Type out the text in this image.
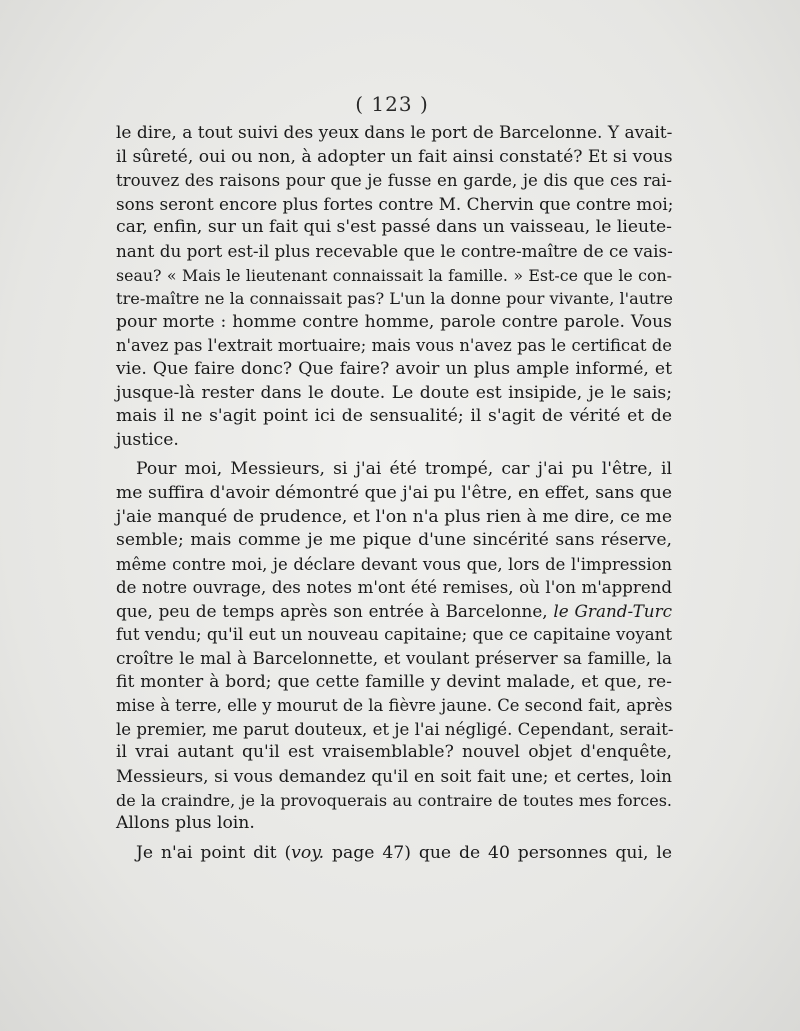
( 123 )
le dire, a tout suivi des yeux dans le port de Barcelonne. Y avait-
il sûreté, oui ou non, à adopter un fait ainsi constaté? Et si vous
trouvez des raisons pour que je fusse en garde, je dis que ces rai-
sons seront encore plus fortes contre M. Chervin que contre moi;
car, enfin, sur un fait qui s'est passé dans un vaisseau, le lieute-
nant du port est-il plus recevable que le contre-maître de ce vais-
seau? « Mais le lieutenant connaissait la famille. » Est-ce que le con-
tre-maître ne la connaissait pas? L'un la donne pour vivante, l'autre
pour morte : homme contre homme, parole contre parole. Vous
n'avez pas l'extrait mortuaire; mais vous n'avez pas le certificat de
vie. Que faire donc? Que faire? avoir un plus ample informé, et
jusque-là rester dans le doute. Le doute est insipide, je le sais;
mais il ne s'agit point ici de sensualité; il s'agit de vérité et de
justice.
Pour moi, Messieurs, si j'ai été trompé, car j'ai pu l'être, il
me suffira d'avoir démontré que j'ai pu l'être, en effet, sans que
j'aie manqué de prudence, et l'on n'a plus rien à me dire, ce me
semble; mais comme je me pique d'une sincérité sans réserve,
même contre moi, je déclare devant vous que, lors de l'impression
de notre ouvrage, des notes m'ont été remises, où l'on m'apprend
que, peu de temps après son entrée à Barcelonne, le Grand-Turc
fut vendu; qu'il eut un nouveau capitaine; que ce capitaine voyant
croître le mal à Barcelonnette, et voulant préserver sa famille, la
fit monter à bord; que cette famille y devint malade, et que, re-
mise à terre, elle y mourut de la fièvre jaune. Ce second fait, après
le premier, me parut douteux, et je l'ai négligé. Cependant, serait-
il vrai autant qu'il est vraisemblable? nouvel objet d'enquête,
Messieurs, si vous demandez qu'il en soit fait une; et certes, loin
de la craindre, je la provoquerais au contraire de toutes mes forces.
Allons plus loin.
Je n'ai point dit (voy. page 47) que de 40 personnes qui, le
